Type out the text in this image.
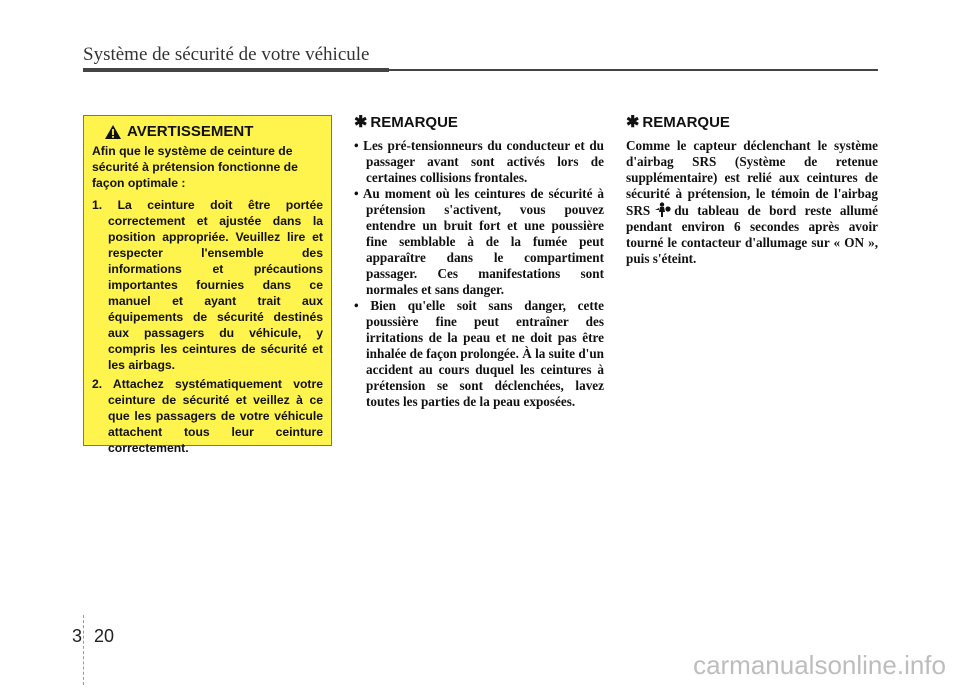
Système de sécurité de votre véhicule
AVERTISSEMENT

Afin que le système de ceinture de sécurité à prétension fonctionne de façon optimale :

1. La ceinture doit être portée correctement et ajustée dans la position appropriée. Veuillez lire et respecter l'ensemble des informations et précautions importantes fournies dans ce manuel et ayant trait aux équipements de sécurité destinés aux passagers du véhicule, y compris les ceintures de sécurité et les airbags.
2. Attachez systématiquement votre ceinture de sécurité et veillez à ce que les passagers de votre véhicule attachent tous leur ceinture correctement.
✱ REMARQUE
• Les pré-tensionneurs du conducteur et du passager avant sont activés lors de certaines collisions frontales.
• Au moment où les ceintures de sécurité à prétension s'activent, vous pouvez entendre un bruit fort et une poussière fine semblable à de la fumée peut apparaître dans le compartiment passager. Ces manifestations sont normales et sans danger.
• Bien qu'elle soit sans danger, cette poussière fine peut entraîner des irritations de la peau et ne doit pas être inhalée de façon prolongée. À la suite d'un accident au cours duquel les ceintures à prétension se sont déclenchées, lavez toutes les parties de la peau exposées.
✱ REMARQUE

Comme le capteur déclenchant le système d'airbag SRS (Système de retenue supplémentaire) est relié aux ceintures de sécurité à prétension, le témoin de l'airbag SRS du tableau de bord reste allumé pendant environ 6 secondes après avoir tourné le contacteur d'allumage sur « ON », puis s'éteint.

3 20
carmanualsonline.info
